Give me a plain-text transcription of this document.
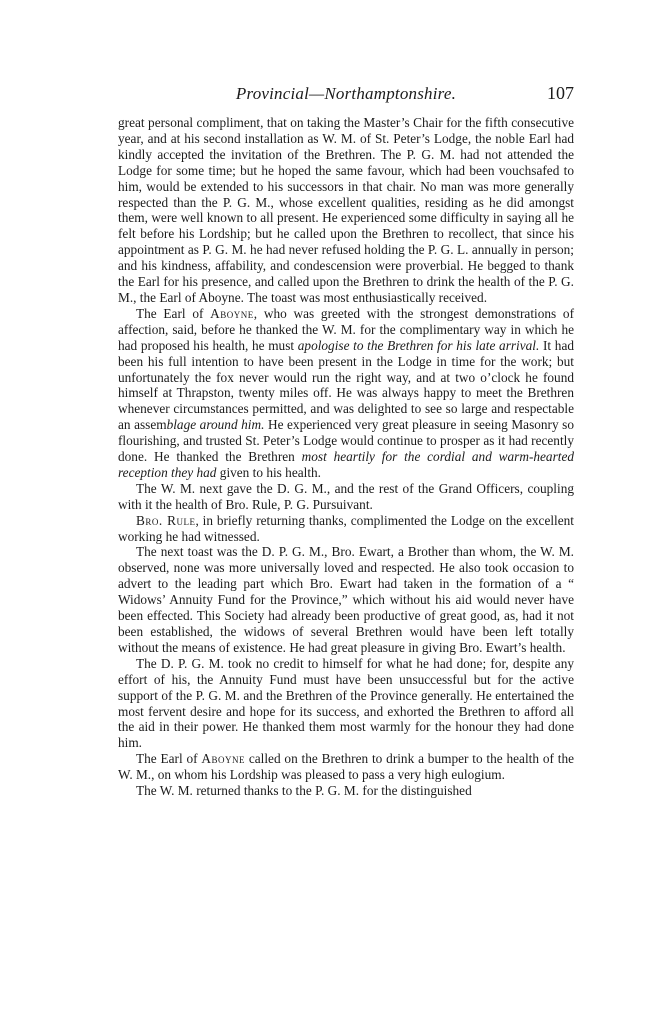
Provincial—Northamptonshire.	107

great personal compliment, that on taking the Master’s Chair for the fifth consecutive year, and at his second installation as W. M. of St. Peter’s Lodge, the noble Earl had kindly accepted the invitation of the Brethren. The P. G. M. had not attended the Lodge for some time; but he hoped the same favour, which had been vouchsafed to him, would be extended to his successors in that chair. No man was more generally respected than the P. G. M., whose excellent qualities, residing as he did amongst them, were well known to all present. He experienced some difficulty in saying all he felt before his Lordship; but he called upon the Brethren to recollect, that since his appointment as P. G. M. he had never refused holding the P. G. L. annually in person; and his kindness, affability, and condescension were proverbial. He begged to thank the Earl for his presence, and called upon the Brethren to drink the health of the P. G. M., the Earl of Aboyne. The toast was most enthusiastically received.

The Earl of Aboyne, who was greeted with the strongest demonstrations of affection, said, before he thanked the W. M. for the complimentary way in which he had proposed his health, he must apologise to the Brethren for his late arrival. It had been his full intention to have been present in the Lodge in time for the work; but unfortunately the fox never would run the right way, and at two o’clock he found himself at Thrapston, twenty miles off. He was always happy to meet the Brethren whenever circumstances permitted, and was delighted to see so large and respectable an assemblage around him. He experienced very great pleasure in seeing Masonry so flourishing, and trusted St. Peter’s Lodge would continue to prosper as it had recently done. He thanked the Brethren most heartily for the cordial and warm-hearted reception they had given to his health.

The W. M. next gave the D. G. M., and the rest of the Grand Officers, coupling with it the health of Bro. Rule, P. G. Pursuivant.

Bro. Rule, in briefly returning thanks, complimented the Lodge on the excellent working he had witnessed.

The next toast was the D. P. G. M., Bro. Ewart, a Brother than whom, the W. M. observed, none was more universally loved and respected. He also took occasion to advert to the leading part which Bro. Ewart had taken in the formation of a “ Widows’ Annuity Fund for the Province,” which without his aid would never have been effected. This Society had already been productive of great good, as, had it not been established, the widows of several Brethren would have been left totally without the means of existence. He had great pleasure in giving Bro. Ewart’s health.

The D. P. G. M. took no credit to himself for what he had done; for, despite any effort of his, the Annuity Fund must have been unsuccessful but for the active support of the P. G. M. and the Brethren of the Province generally. He entertained the most fervent desire and hope for its success, and exhorted the Brethren to afford all the aid in their power. He thanked them most warmly for the honour they had done him.

The Earl of Aboyne called on the Brethren to drink a bumper to the health of the W. M., on whom his Lordship was pleased to pass a very high eulogium.

The W. M. returned thanks to the P. G. M. for the distinguished
